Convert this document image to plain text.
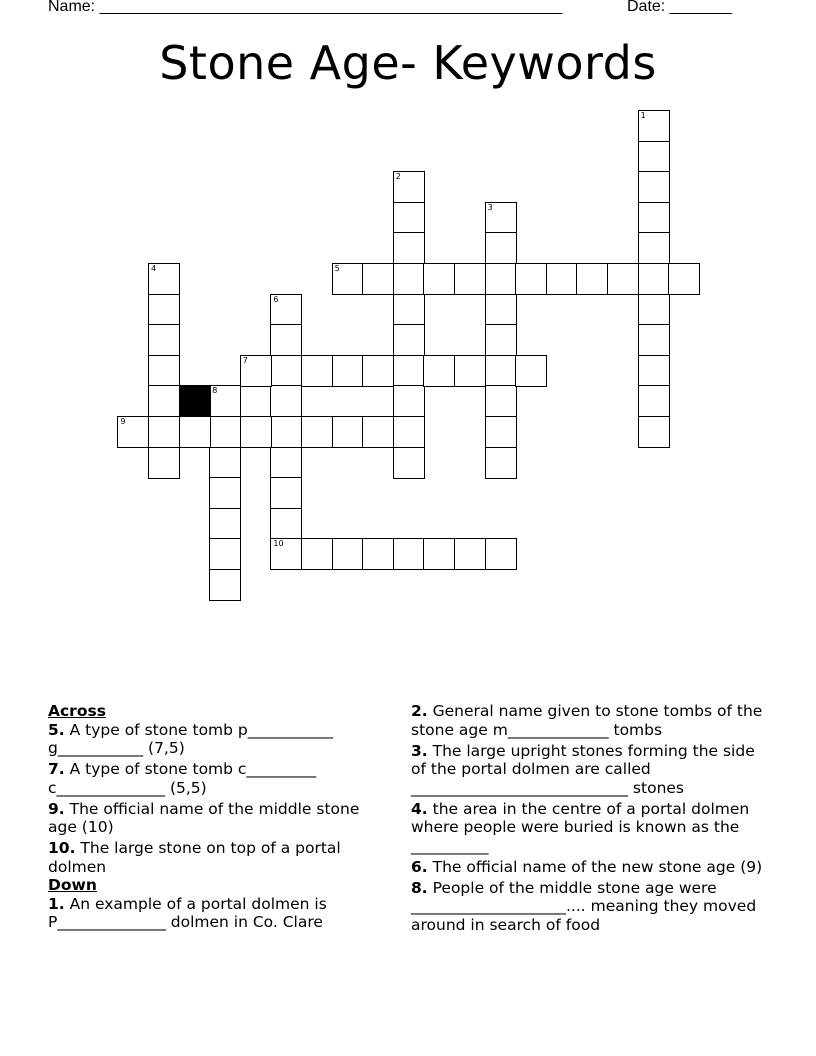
Name: ____________________________________________________	Date: _______
Stone Age- Keywords
1
2
3
4	5
6
10
7
8
9
Across
5. A type of stone tomb p___________ g___________ (7,5)
7. A type of stone tomb c_________ c______________ (5,5)
9. The official name of the middle stone age (10)
10. The large stone on top of a portal dolmen
Down
1. An example of a portal dolmen is P______________ dolmen in Co. Clare
2. General name given to stone tombs of the stone age m_____________ tombs
3. The large upright stones forming the side of the portal dolmen are called ____________________________ stones
4. the area in the centre of a portal dolmen where people were buried is known as the __________
6. The official name of the new stone age (9)
8. People of the middle stone age were ____________________.... meaning they moved around in search of food
